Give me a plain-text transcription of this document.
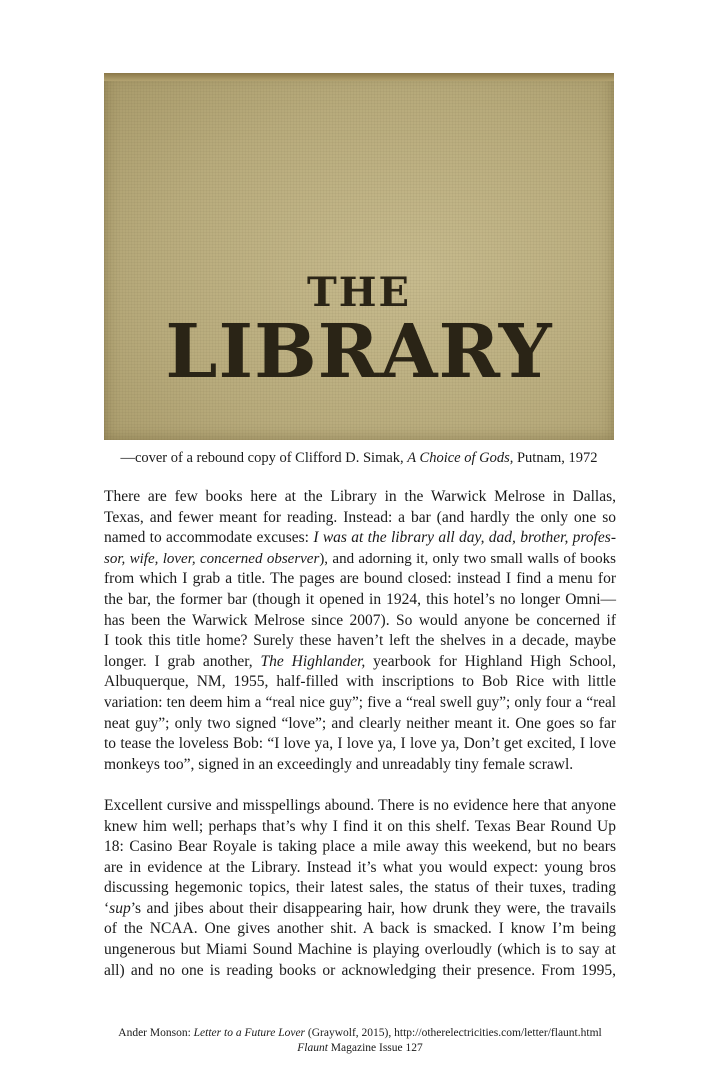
THE
LIBRARY
—cover of a rebound copy of Clifford D. Simak, A Choice of Gods, Putnam, 1972
There are few books here at the Library in the Warwick Melrose in Dallas,
Texas, and fewer meant for reading. Instead: a bar (and hardly the only one so
named to accommodate excuses: I was at the library all day, dad, brother, profes-
sor, wife, lover, concerned observer), and adorning it, only two small walls of books
from which I grab a title. The pages are bound closed: instead I find a menu for
the bar, the former bar (though it opened in 1924, this hotel’s no longer Omni—
has been the Warwick Melrose since 2007). So would anyone be concerned if
I took this title home? Surely these haven’t left the shelves in a decade, maybe
longer. I grab another, The Highlander, yearbook for Highland High School,
Albuquerque, NM, 1955, half-filled with inscriptions to Bob Rice with little
variation: ten deem him a “real nice guy”; five a “real swell guy”; only four a “real
neat guy”; only two signed “love”; and clearly neither meant it. One goes so far
to tease the loveless Bob: “I love ya, I love ya, I love ya, Don’t get excited, I love
monkeys too”, signed in an exceedingly and unreadably tiny female scrawl.
Excellent cursive and misspellings abound. There is no evidence here that anyone
knew him well; perhaps that’s why I find it on this shelf. Texas Bear Round Up
18: Casino Bear Royale is taking place a mile away this weekend, but no bears
are in evidence at the Library. Instead it’s what you would expect: young bros
discussing hegemonic topics, their latest sales, the status of their tuxes, trading
‘sup’s and jibes about their disappearing hair, how drunk they were, the travails
of the NCAA. One gives another shit. A back is smacked. I know I’m being
ungenerous but Miami Sound Machine is playing overloudly (which is to say at
all) and no one is reading books or acknowledging their presence. From 1995,
Ander Monson: Letter to a Future Lover (Graywolf, 2015), http://otherelectricities.com/letter/flaunt.html
Flaunt Magazine Issue 127
